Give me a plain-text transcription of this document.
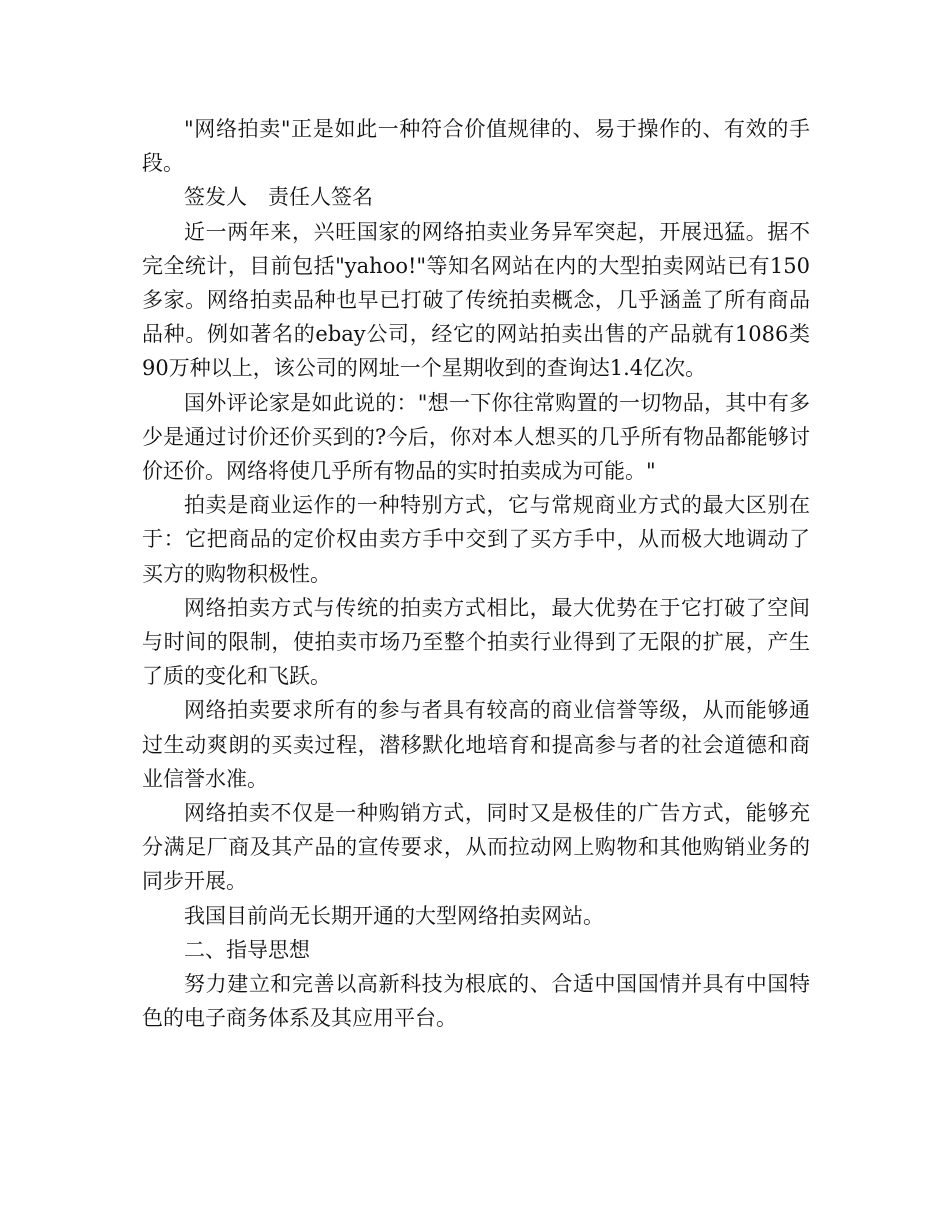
"网络拍卖"正是如此一种符合价值规律的、易于操作的、有效的手段。

签发人　责任人签名

近一两年来，兴旺国家的网络拍卖业务异军突起，开展迅猛。据不完全统计，目前包括"yahoo!"等知名网站在内的大型拍卖网站已有150多家。网络拍卖品种也早已打破了传统拍卖概念，几乎涵盖了所有商品品种。例如著名的ebay公司，经它的网站拍卖出售的产品就有1086类90万种以上，该公司的网址一个星期收到的查询达1.4亿次。

国外评论家是如此说的："想一下你往常购置的一切物品，其中有多少是通过讨价还价买到的?今后，你对本人想买的几乎所有物品都能够讨价还价。网络将使几乎所有物品的实时拍卖成为可能。"

拍卖是商业运作的一种特别方式，它与常规商业方式的最大区别在于：它把商品的定价权由卖方手中交到了买方手中，从而极大地调动了买方的购物积极性。

网络拍卖方式与传统的拍卖方式相比，最大优势在于它打破了空间与时间的限制，使拍卖市场乃至整个拍卖行业得到了无限的扩展，产生了质的变化和飞跃。

网络拍卖要求所有的参与者具有较高的商业信誉等级，从而能够通过生动爽朗的买卖过程，潜移默化地培育和提高参与者的社会道德和商业信誉水准。

网络拍卖不仅是一种购销方式，同时又是极佳的广告方式，能够充分满足厂商及其产品的宣传要求，从而拉动网上购物和其他购销业务的同步开展。

我国目前尚无长期开通的大型网络拍卖网站。

二、指导思想

努力建立和完善以高新科技为根底的、合适中国国情并具有中国特色的电子商务体系及其应用平台。
